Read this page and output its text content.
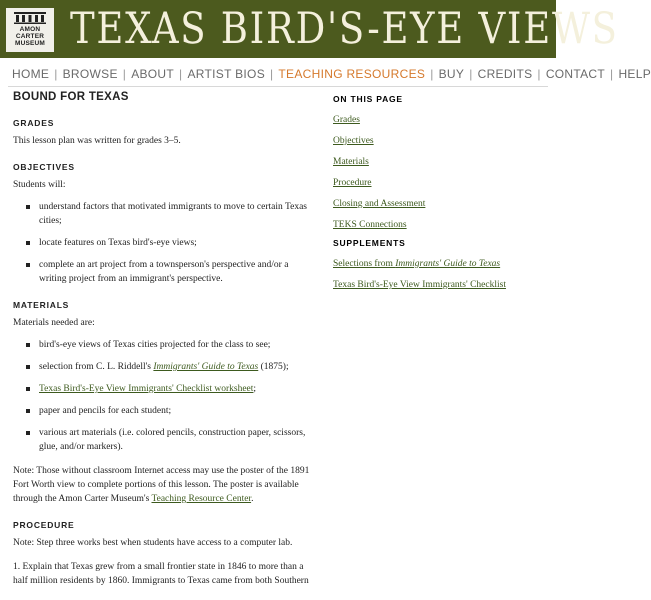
AMON
CARTER
MUSEUM TEXAS BIRD'S-EYE VIEWS
HOME | BROWSE | ABOUT | ARTIST BIOS | TEACHING RESOURCES | BUY | CREDITS | CONTACT | HELP
BOUND FOR TEXAS
GRADES

This lesson plan was written for grades 3–5.

OBJECTIVES

Students will:

understand factors that motivated immigrants to move to certain Texas cities;
locate features on Texas bird's-eye views;
complete an art project from a townsperson's perspective and/or a writing project from an immigrant's perspective.
MATERIALS

Materials needed are:

bird's-eye views of Texas cities projected for the class to see;
selection from C. L. Riddell's Immigrants' Guide to Texas (1875);
Texas Bird's-Eye View Immigrants' Checklist worksheet;
paper and pencils for each student;
various art materials (i.e. colored pencils, construction paper, scissors, glue, and/or markers).

Note: Those without classroom Internet access may use the poster of the 1891 Fort Worth view to complete portions of this lesson. The poster is available through the Amon Carter Museum's Teaching Resource Center.

PROCEDURE

Note: Step three works best when students have access to a computer lab.

1. Explain that Texas grew from a small frontier state in 1846 to more than a half million residents by 1860. Immigrants to Texas came from both Southern

ON THIS PAGE
Grades
Objectives
Materials
Procedure
Closing and Assessment
TEKS Connections
SUPPLEMENTS
Selections from Immigrants' Guide to Texas
Texas Bird's-Eye View Immigrants' Checklist
